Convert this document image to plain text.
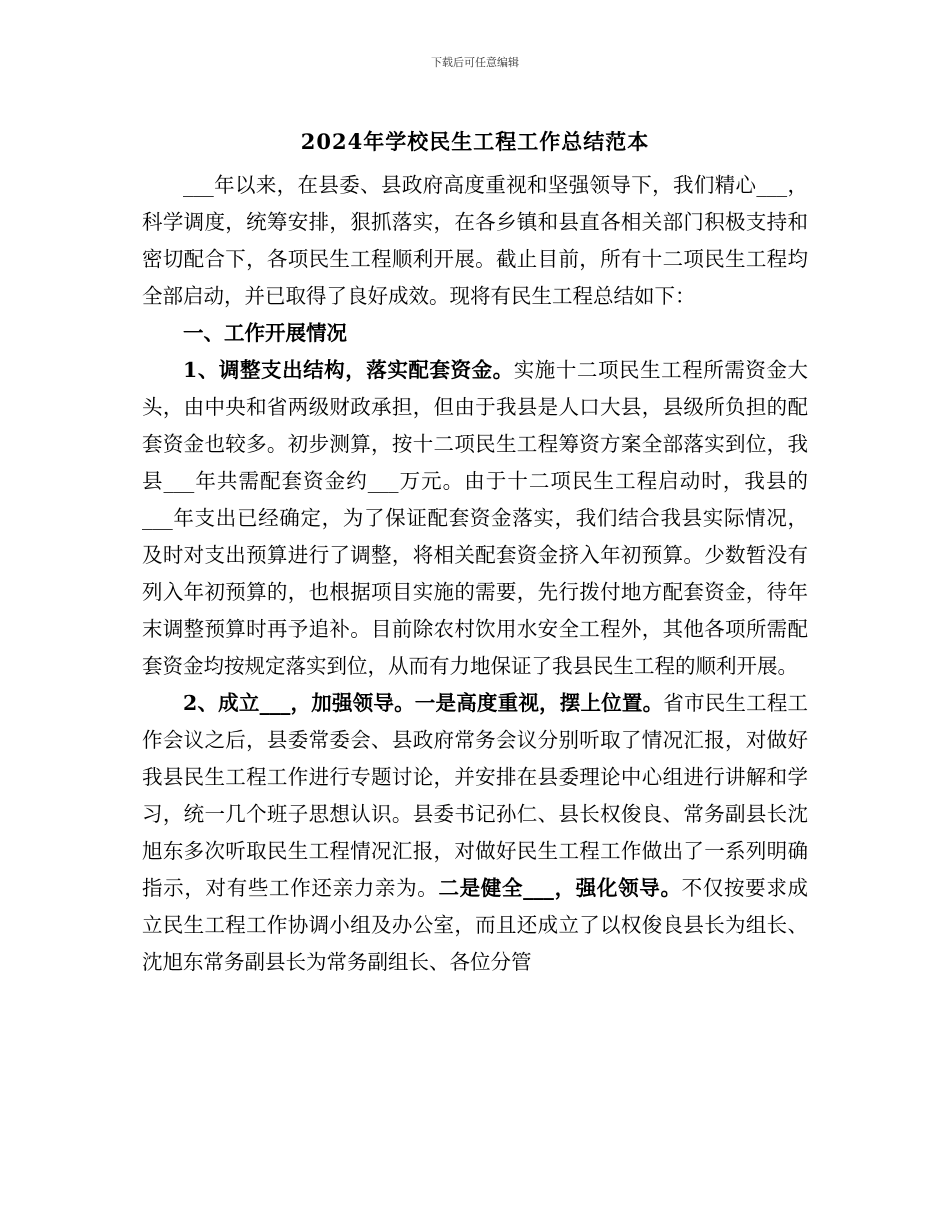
下载后可任意编辑
2024年学校民生工程工作总结范本

___年以来，在县委、县政府高度重视和坚强领导下，我们精心___，科学调度，统筹安排，狠抓落实，在各乡镇和县直各相关部门积极支持和密切配合下，各项民生工程顺利开展。截止目前，所有十二项民生工程均全部启动，并已取得了良好成效。现将有民生工程总结如下：

一、工作开展情况

1、调整支出结构，落实配套资金。实施十二项民生工程所需资金大头，由中央和省两级财政承担，但由于我县是人口大县，县级所负担的配套资金也较多。初步测算，按十二项民生工程筹资方案全部落实到位，我县___年共需配套资金约___万元。由于十二项民生工程启动时，我县的___年支出已经确定，为了保证配套资金落实，我们结合我县实际情况，及时对支出预算进行了调整，将相关配套资金挤入年初预算。少数暂没有列入年初预算的，也根据项目实施的需要，先行拨付地方配套资金，待年末调整预算时再予追补。目前除农村饮用水安全工程外，其他各项所需配套资金均按规定落实到位，从而有力地保证了我县民生工程的顺利开展。

2、成立___，加强领导。一是高度重视，摆上位置。省市民生工程工作会议之后，县委常委会、县政府常务会议分别听取了情况汇报，对做好我县民生工程工作进行专题讨论，并安排在县委理论中心组进行讲解和学习，统一几个班子思想认识。县委书记孙仁、县长权俊良、常务副县长沈旭东多次听取民生工程情况汇报，对做好民生工程工作做出了一系列明确指示，对有些工作还亲力亲为。二是健全___，强化领导。不仅按要求成立民生工程工作协调小组及办公室，而且还成立了以权俊良县长为组长、沈旭东常务副县长为常务副组长、各位分管
